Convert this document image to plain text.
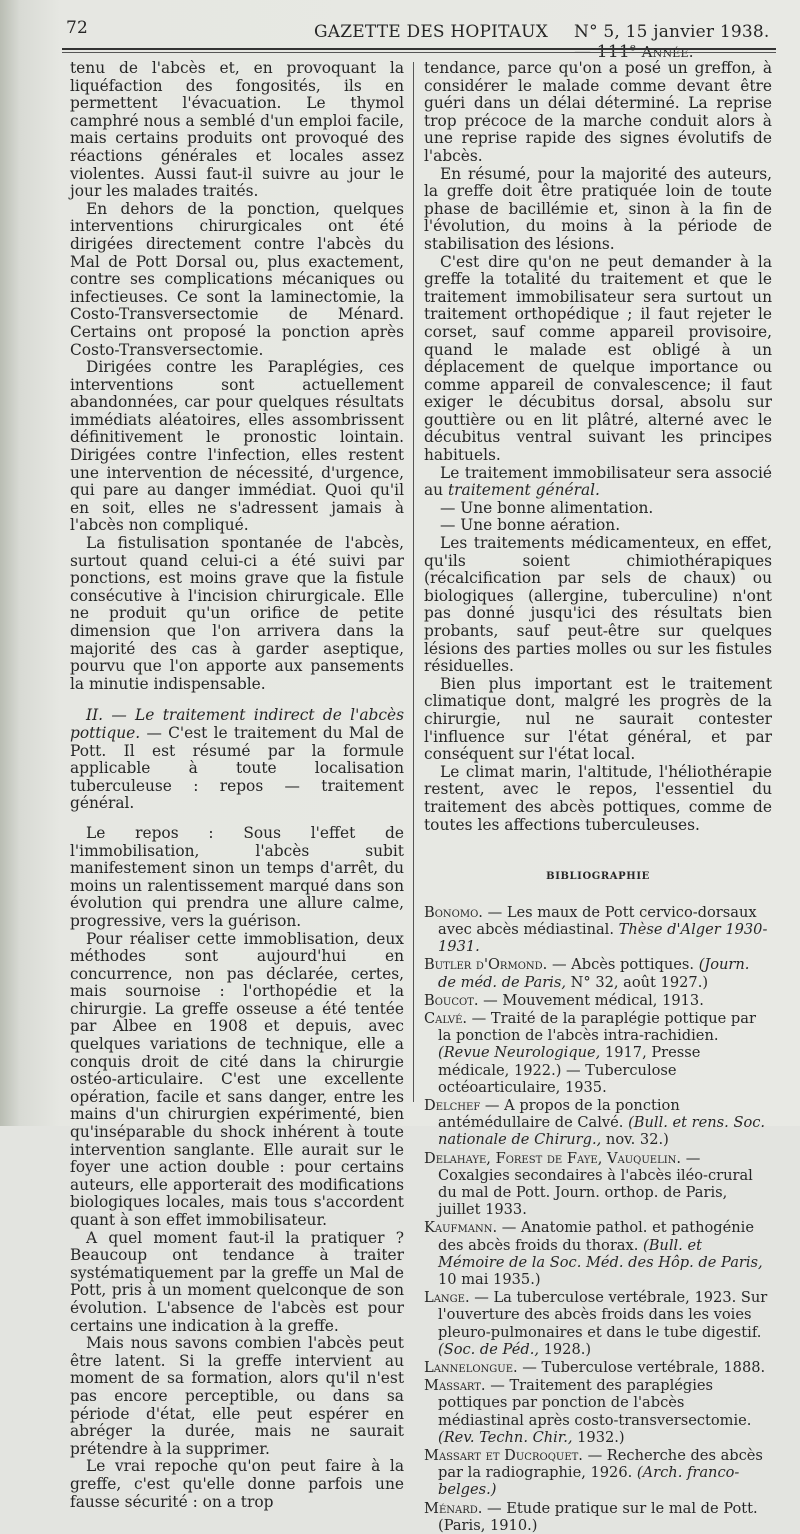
72	GAZETTE DES HOPITAUX N° 5, 15 janvier 1938. — 111e Année.

tenu de l'abcès et, en provoquant la liquéfaction des fongosités, ils en permettent l'évacuation. Le thymol camphré nous a semblé d'un emploi facile, mais certains produits ont provoqué des réactions générales et locales assez violentes. Aussi faut-il suivre au jour le jour les malades traités.

En dehors de la ponction, quelques interventions chirurgicales ont été dirigées directement contre l'abcès du Mal de Pott Dorsal ou, plus exactement, contre ses complications mécaniques ou infectieuses. Ce sont la laminectomie, la Costo-Transversectomie de Ménard. Certains ont proposé la ponction après Costo-Transversectomie.

Dirigées contre les Paraplégies, ces interventions sont actuellement abandonnées, car pour quelques résultats immédiats aléatoires, elles assombrissent définitivement le pronostic lointain. Dirigées contre l'infection, elles restent une intervention de nécessité, d'urgence, qui pare au danger immédiat. Quoi qu'il en soit, elles ne s'adressent jamais à l'abcès non compliqué.

La fistulisation spontanée de l'abcès, surtout quand celui-ci a été suivi par ponctions, est moins grave que la fistule consécutive à l'incision chirurgicale. Elle ne produit qu'un orifice de petite dimension que l'on arrivera dans la majorité des cas à garder aseptique, pourvu que l'on apporte aux pansements la minutie indispensable.

II. — Le traitement indirect de l'abcès pottique. — C'est le traitement du Mal de Pott. Il est résumé par la formule applicable à toute localisation tuberculeuse : repos — traitement général.

Le repos : Sous l'effet de l'immobilisation, l'abcès subit manifestement sinon un temps d'arrêt, du moins un ralentissement marqué dans son évolution qui prendra une allure calme, progressive, vers la guérison.

Pour réaliser cette immoblisation, deux méthodes sont aujourd'hui en concurrence, non pas déclarée, certes, mais sournoise : l'orthopédie et la chirurgie. La greffe osseuse a été tentée par Albee en 1908 et depuis, avec quelques variations de technique, elle a conquis droit de cité dans la chirurgie ostéo-articulaire. C'est une excellente opération, facile et sans danger, entre les mains d'un chirurgien expérimenté, bien qu'inséparable du shock inhérent à toute intervention sanglante. Elle aurait sur le foyer une action double : pour certains auteurs, elle apporterait des modifications biologiques locales, mais tous s'accordent quant à son effet immobilisateur.

A quel moment faut-il la pratiquer ? Beaucoup ont tendance à traiter systématiquement par la greffe un Mal de Pott, pris à un moment quelconque de son évolution. L'absence de l'abcès est pour certains une indication à la greffe.

Mais nous savons combien l'abcès peut être latent. Si la greffe intervient au moment de sa formation, alors qu'il n'est pas encore perceptible, ou dans sa période d'état, elle peut espérer en abréger la durée, mais ne saurait prétendre à la supprimer.

Le vrai repoche qu'on peut faire à la greffe, c'est qu'elle donne parfois une fausse sécurité : on a trop

tendance, parce qu'on a posé un greffon, à considérer le malade comme devant être guéri dans un délai déterminé. La reprise trop précoce de la marche conduit alors à une reprise rapide des signes évolutifs de l'abcès.

En résumé, pour la majorité des auteurs, la greffe doit être pratiquée loin de toute phase de bacillémie et, sinon à la fin de l'évolution, du moins à la période de stabilisation des lésions.

C'est dire qu'on ne peut demander à la greffe la totalité du traitement et que le traitement immobilisateur sera surtout un traitement orthopédique ; il faut rejeter le corset, sauf comme appareil provisoire, quand le malade est obligé à un déplacement de quelque importance ou comme appareil de convalescence; il faut exiger le décubitus dorsal, absolu sur gouttière ou en lit plâtré, alterné avec le décubitus ventral suivant les principes habituels.

Le traitement immobilisateur sera associé au traitement général.

— Une bonne alimentation.

— Une bonne aération.

Les traitements médicamenteux, en effet, qu'ils soient chimiothérapiques (récalcification par sels de chaux) ou biologiques (allergine, tuberculine) n'ont pas donné jusqu'ici des résultats bien probants, sauf peut-être sur quelques lésions des parties molles ou sur les fistules résiduelles.

Bien plus important est le traitement climatique dont, malgré les progrès de la chirurgie, nul ne saurait contester l'influence sur l'état général, et par conséquent sur l'état local.

Le climat marin, l'altitude, l'héliothérapie restent, avec le repos, l'essentiel du traitement des abcès pottiques, comme de toutes les affections tuberculeuses.

BIBLIOGRAPHIE

Bonomo. — Les maux de Pott cervico-dorsaux avec abcès médiastinal. Thèse d'Alger 1930-1931.

Butler d'Ormond. — Abcès pottiques. (Journ. de méd. de Paris, N° 32, août 1927.)

Boucot. — Mouvement médical, 1913.

Calvé. — Traité de la paraplégie pottique par la ponction de l'abcès intra-rachidien. (Revue Neurologique, 1917, Presse médicale, 1922.) — Tuberculose octéoarticulaire, 1935.

Delchef — A propos de la ponction antémédullaire de Calvé. (Bull. et rens. Soc. nationale de Chirurg., nov. 32.)

Delahaye, Forest de Faye, Vauquelin. — Coxalgies secondaires à l'abcès iléo-crural du mal de Pott. Journ. orthop. de Paris, juillet 1933.

Kaufmann. — Anatomie pathol. et pathogénie des abcès froids du thorax. (Bull. et Mémoire de la Soc. Méd. des Hôp. de Paris, 10 mai 1935.)

Lange. — La tuberculose vertébrale, 1923. Sur l'ouverture des abcès froids dans les voies pleuro-pulmonaires et dans le tube digestif. (Soc. de Péd., 1928.)

Lannelongue. — Tuberculose vertébrale, 1888.

Massart. — Traitement des paraplégies pottiques par ponction de l'abcès médiastinal après costo-transversectomie. (Rev. Techn. Chir., 1932.)

Massart et Ducroquet. — Recherche des abcès par la radiographie, 1926. (Arch. franco-belges.)

Ménard. — Etude pratique sur le mal de Pott. (Paris, 1910.)
